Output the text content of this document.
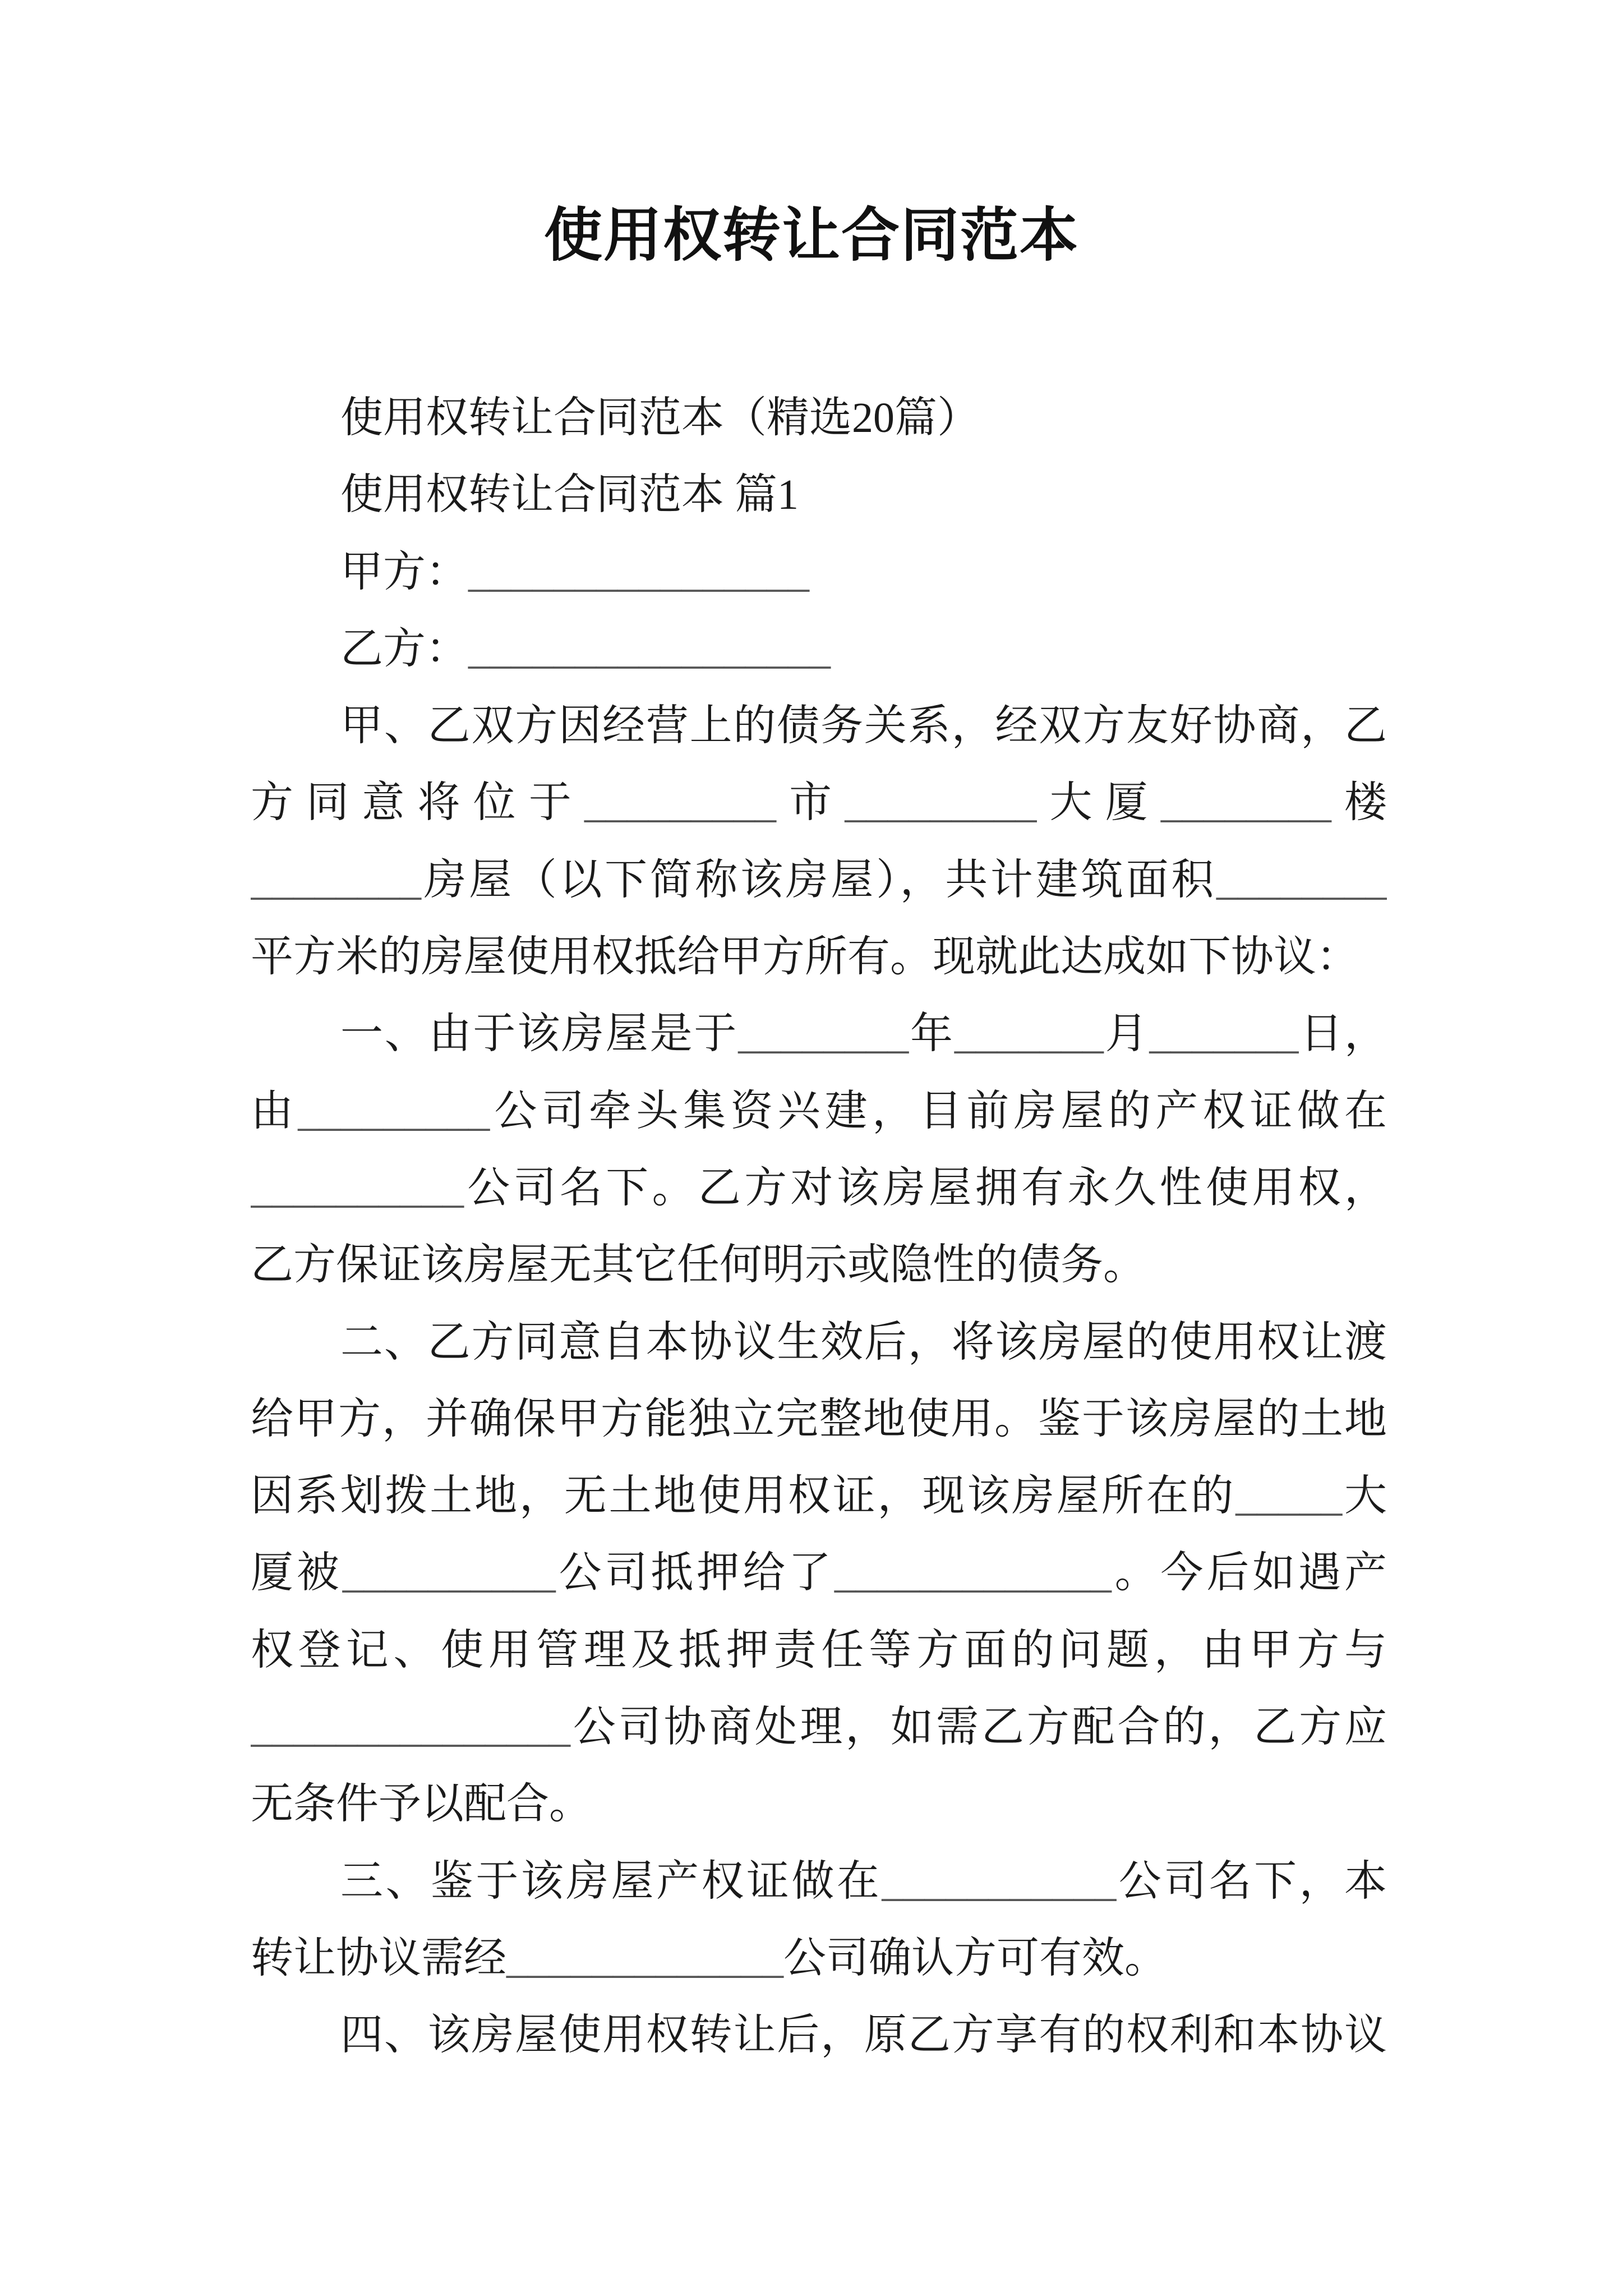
使用权转让合同范本
使用权转让合同范本（精选20篇）
使用权转让合同范本 篇1
甲方：________________
乙方：_________________
甲、乙双方因经营上的债务关系，经双方友好协商，乙
方同意将位于_________市_________大厦________楼
________房屋（以下简称该房屋），共计建筑面积________
平方米的房屋使用权抵给甲方所有。现就此达成如下协议：
一、由于该房屋是于________年_______月_______日，
由_________公司牵头集资兴建，目前房屋的产权证做在
__________公司名下。乙方对该房屋拥有永久性使用权，
乙方保证该房屋无其它任何明示或隐性的债务。
二、乙方同意自本协议生效后，将该房屋的使用权让渡
给甲方，并确保甲方能独立完整地使用。鉴于该房屋的土地
因系划拨土地，无土地使用权证，现该房屋所在的_____大
厦被__________公司抵押给了_____________。今后如遇产
权登记、使用管理及抵押责任等方面的问题，由甲方与
_______________公司协商处理，如需乙方配合的，乙方应
无条件予以配合。
三、鉴于该房屋产权证做在___________公司名下，本
转让协议需经_____________公司确认方可有效。
四、该房屋使用权转让后，原乙方享有的权利和本协议
